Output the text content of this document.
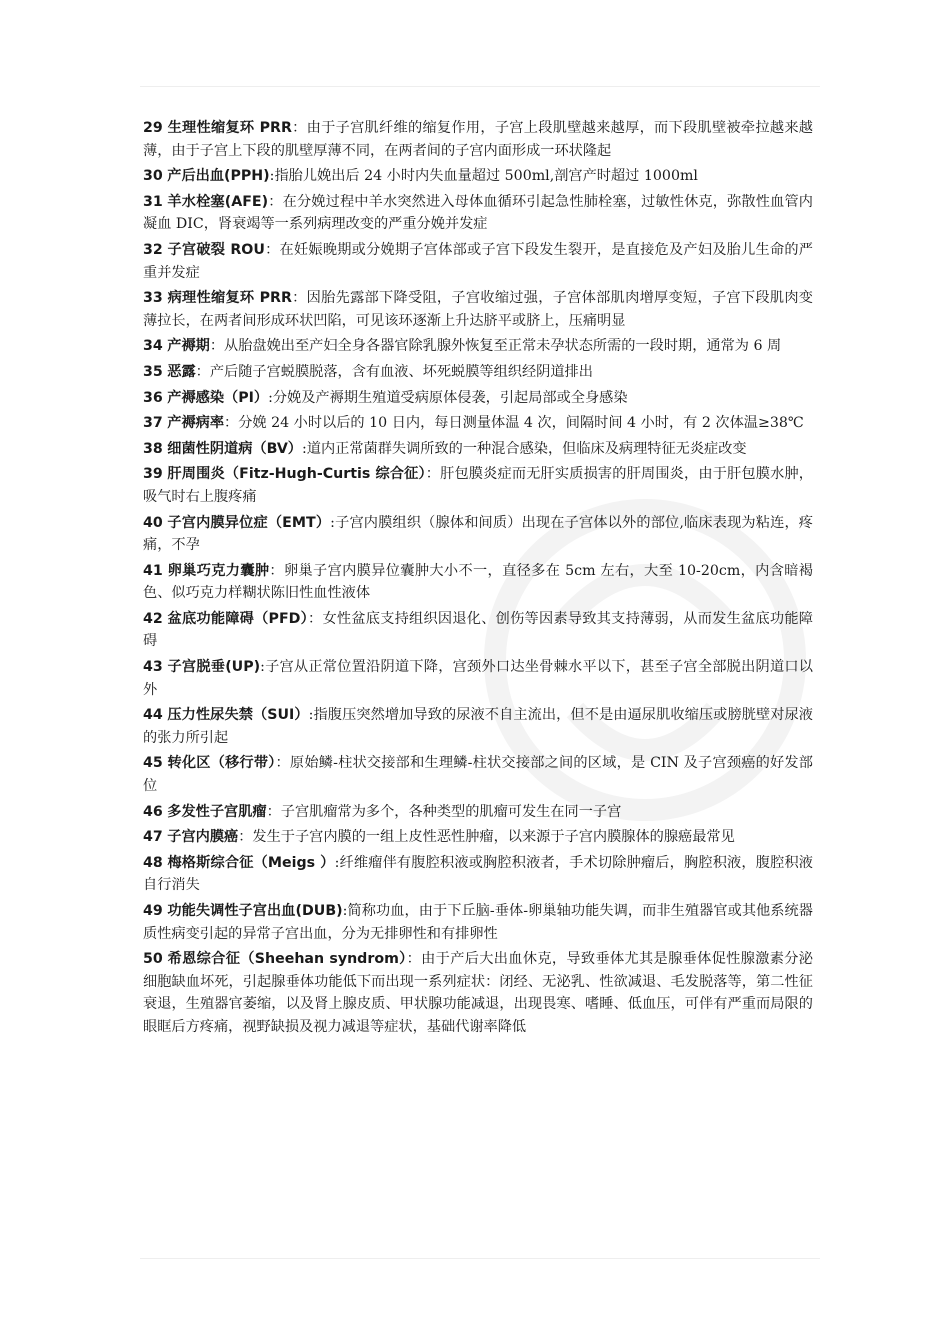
29 生理性缩复环 PRR：由于子宫肌纤维的缩复作用，子宫上段肌壁越来越厚，而下段肌壁被牵拉越来越薄，由于子宫上下段的肌壁厚薄不同，在两者间的子宫内面形成一环状隆起

30 产后出血(PPH):指胎儿娩出后 24 小时内失血量超过 500ml,剖宫产时超过 1000ml

31 羊水栓塞(AFE)：在分娩过程中羊水突然进入母体血循环引起急性肺栓塞，过敏性休克，弥散性血管内凝血 DIC，肾衰竭等一系列病理改变的严重分娩并发症

32 子宫破裂 ROU：在妊娠晚期或分娩期子宫体部或子宫下段发生裂开，是直接危及产妇及胎儿生命的严重并发症

33 病理性缩复环 PRR：因胎先露部下降受阻，子宫收缩过强，子宫体部肌肉增厚变短，子宫下段肌肉变薄拉长，在两者间形成环状凹陷，可见该环逐渐上升达脐平或脐上，压痛明显

34 产褥期：从胎盘娩出至产妇全身各器官除乳腺外恢复至正常未孕状态所需的一段时期，通常为 6 周

35 恶露：产后随子宫蜕膜脱落，含有血液、坏死蜕膜等组织经阴道排出

36 产褥感染（PI）:分娩及产褥期生殖道受病原体侵袭，引起局部或全身感染

37 产褥病率：分娩 24 小时以后的 10 日内，每日测量体温 4 次，间隔时间 4 小时，有 2 次体温≥38℃

38 细菌性阴道病（BV）:道内正常菌群失调所致的一种混合感染，但临床及病理特征无炎症改变

39 肝周围炎（Fitz-Hugh-Curtis 综合征）：肝包膜炎症而无肝实质损害的肝周围炎，由于肝包膜水肿，吸气时右上腹疼痛

40 子宫内膜异位症（EMT）:子宫内膜组织（腺体和间质）出现在子宫体以外的部位,临床表现为粘连，疼痛，不孕

41 卵巢巧克力囊肿：卵巢子宫内膜异位囊肿大小不一，直径多在 5cm 左右，大至 10-20cm，内含暗褐色、似巧克力样糊状陈旧性血性液体

42 盆底功能障碍（PFD）：女性盆底支持组织因退化、创伤等因素导致其支持薄弱，从而发生盆底功能障碍

43 子宫脱垂(UP):子宫从正常位置沿阴道下降，宫颈外口达坐骨棘水平以下，甚至子宫全部脱出阴道口以外

44 压力性尿失禁（SUI）:指腹压突然增加导致的尿液不自主流出，但不是由逼尿肌收缩压或膀胱壁对尿液的张力所引起

45 转化区（移行带）：原始鳞-柱状交接部和生理鳞-柱状交接部之间的区域，是 CIN 及子宫颈癌的好发部位

46 多发性子宫肌瘤：子宫肌瘤常为多个，各种类型的肌瘤可发生在同一子宫

47 子宫内膜癌：发生于子宫内膜的一组上皮性恶性肿瘤，以来源于子宫内膜腺体的腺癌最常见

48 梅格斯综合征（Meigs ）:纤维瘤伴有腹腔积液或胸腔积液者，手术切除肿瘤后，胸腔积液，腹腔积液自行消失

49 功能失调性子宫出血(DUB):简称功血，由于下丘脑-垂体-卵巢轴功能失调，而非生殖器官或其他系统器质性病变引起的异常子宫出血，分为无排卵性和有排卵性

50 希恩综合征（Sheehan syndrom）：由于产后大出血休克，导致垂体尤其是腺垂体促性腺激素分泌细胞缺血坏死，引起腺垂体功能低下而出现一系列症状：闭经、无泌乳、性欲减退、毛发脱落等，第二性征衰退，生殖器官萎缩，以及肾上腺皮质、甲状腺功能减退，出现畏寒、嗜睡、低血压，可伴有严重而局限的眼眶后方疼痛，视野缺损及视力减退等症状，基础代谢率降低
